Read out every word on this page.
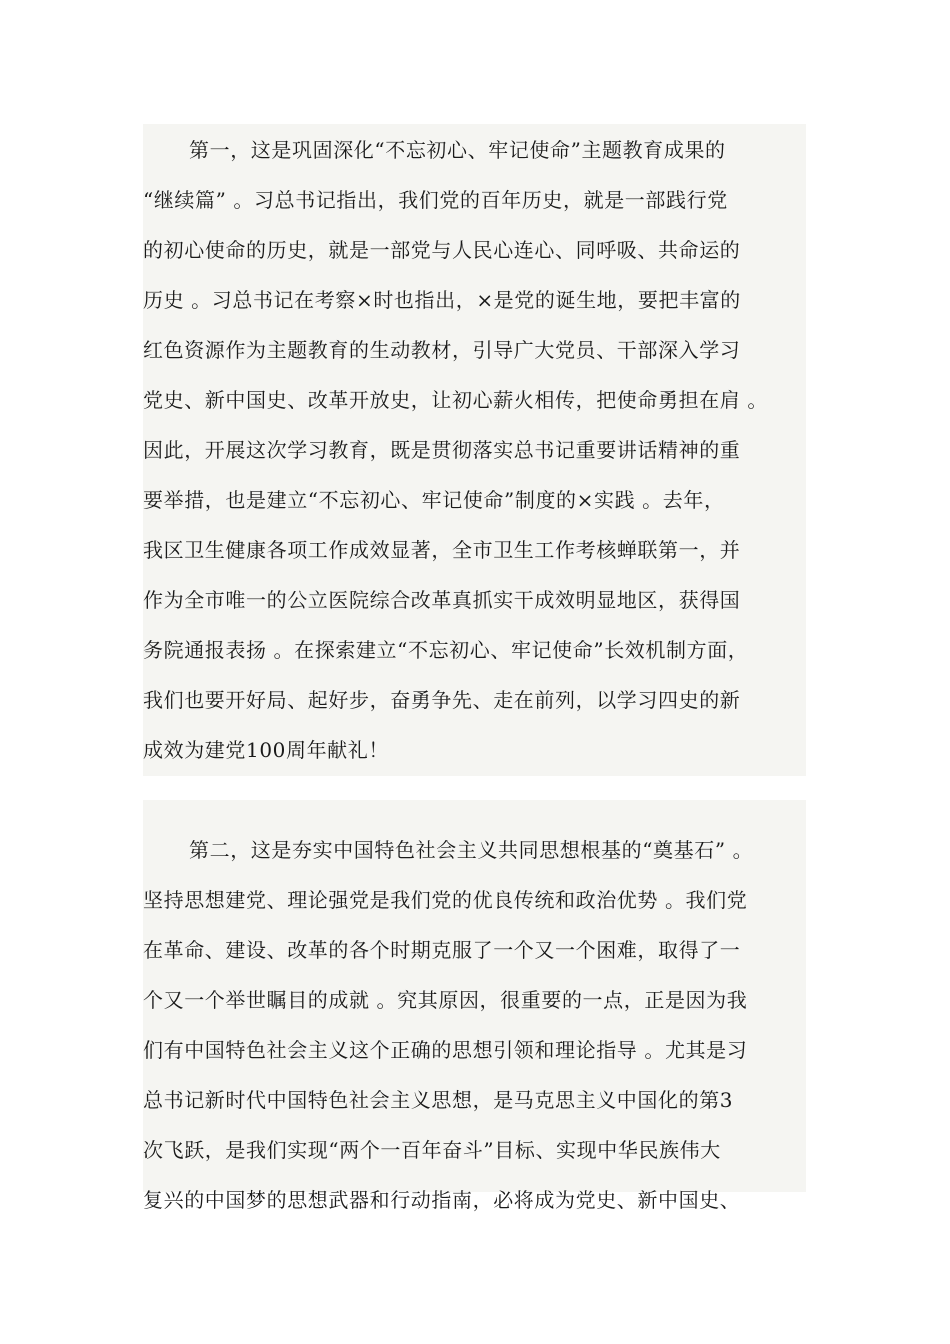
第一，这是巩固深化“不忘初心、牢记使命”主题教育成果的
“继续篇” 。习总书记指出，我们党的百年历史，就是一部践行党
的初心使命的历史，就是一部党与人民心连心、同呼吸、共命运的
历史 。习总书记在考察×时也指出，×是党的诞生地，要把丰富的
红色资源作为主题教育的生动教材，引导广大党员、干部深入学习
党史、新中国史、改革开放史，让初心薪火相传，把使命勇担在肩 。
因此，开展这次学习教育，既是贯彻落实总书记重要讲话精神的重
要举措，也是建立“不忘初心、牢记使命”制度的×实践 。去年，
我区卫生健康各项工作成效显著，全市卫生工作考核蝉联第一，并
作为全市唯一的公立医院综合改革真抓实干成效明显地区，获得国
务院通报表扬 。在探索建立“不忘初心、牢记使命”长效机制方面，
我们也要开好局、起好步，奋勇争先、走在前列，以学习四史的新
成效为建党100周年献礼！
第二，这是夯实中国特色社会主义共同思想根基的“奠基石” 。
坚持思想建党、理论强党是我们党的优良传统和政治优势 。我们党
在革命、建设、改革的各个时期克服了一个又一个困难，取得了一
个又一个举世瞩目的成就 。究其原因，很重要的一点，正是因为我
们有中国特色社会主义这个正确的思想引领和理论指导 。尤其是习
总书记新时代中国特色社会主义思想，是马克思主义中国化的第3
次飞跃，是我们实现“两个一百年奋斗”目标、实现中华民族伟大
复兴的中国梦的思想武器和行动指南，必将成为党史、新中国史、
